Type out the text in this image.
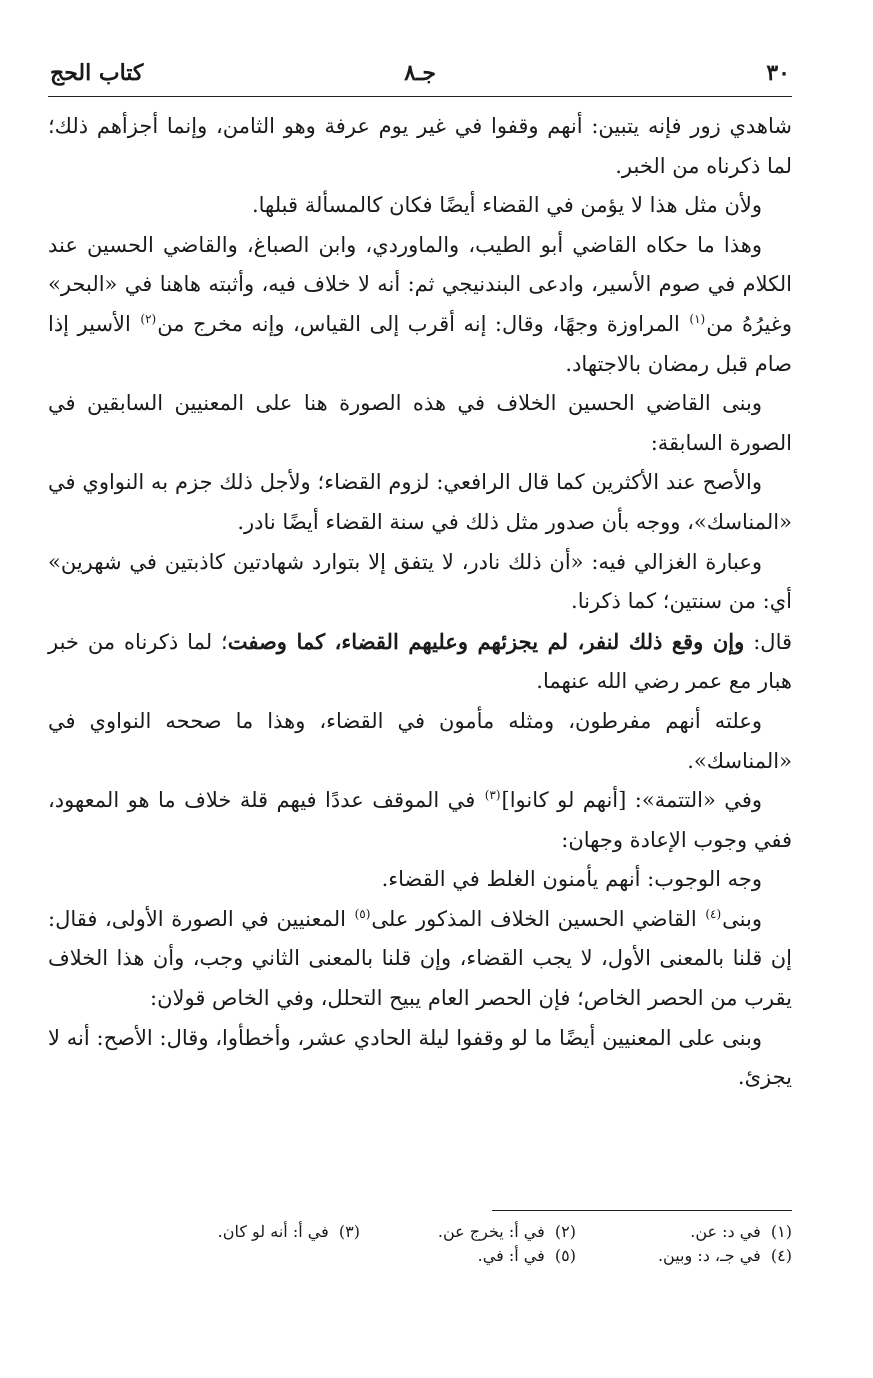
٣٠
جـ٨
كتاب الحج

شاهدي زور فإنه يتبين: أنهم وقفوا في غير يوم عرفة وهو الثامن، وإنما أجزأهم ذلك؛ لما ذكرناه من الخبر.

ولأن مثل هذا لا يؤمن في القضاء أيضًا فكان كالمسألة قبلها.

وهذا ما حكاه القاضي أبو الطيب، والماوردي، وابن الصباغ، والقاضي الحسين عند الكلام في صوم الأسير، وادعى البندنيجي ثم: أنه لا خلاف فيه، وأثبته هاهنا في «البحر» وغيرُهُ من$^{(١)}$ المراوزة وجهًا، وقال: إنه أقرب إلى القياس، وإنه مخرج من$^{(٢)}$ الأسير إذا صام قبل رمضان بالاجتهاد.

وبنى القاضي الحسين الخلاف في هذه الصورة هنا على المعنيين السابقين في الصورة السابقة:

والأصح عند الأكثرين كما قال الرافعي: لزوم القضاء؛ ولأجل ذلك جزم به النواوي في «المناسك»، ووجه بأن صدور مثل ذلك في سنة القضاء أيضًا نادر.

وعبارة الغزالي فيه: «أن ذلك نادر، لا يتفق إلا بتوارد شهادتين كاذبتين في شهرين» أي: من سنتين؛ كما ذكرنا.

قال: وإن وقع ذلك لنفر، لم يجزئهم وعليهم القضاء، كما وصفت؛ لما ذكرناه من خبر هبار مع عمر رضي الله عنهما.

وعلته أنهم مفرطون، ومثله مأمون في القضاء، وهذا ما صححه النواوي في «المناسك».

وفي «التتمة»: [أنهم لو كانوا]$^{(٣)}$ في الموقف عددًا فيهم قلة خلاف ما هو المعهود، ففي وجوب الإعادة وجهان:

وجه الوجوب: أنهم يأمنون الغلط في القضاء.

وبنى$^{(٤)}$ القاضي الحسين الخلاف المذكور على$^{(٥)}$ المعنيين في الصورة الأولى، فقال: إن قلنا بالمعنى الأول، لا يجب القضاء، وإن قلنا بالمعنى الثاني وجب، وأن هذا الخلاف يقرب من الحصر الخاص؛ فإن الحصر العام يبيح التحلل، وفي الخاص قولان:

وبنى على المعنيين أيضًا ما لو وقفوا ليلة الحادي عشر، وأخطأوا، وقال: الأصح: أنه لا يجزئ.

(١)  في د: عن.
(٢)  في أ: يخرج عن.
(٣)  في أ: أنه لو كان.
(٤)  في جـ، د: وبين.
(٥)  في أ: في.
